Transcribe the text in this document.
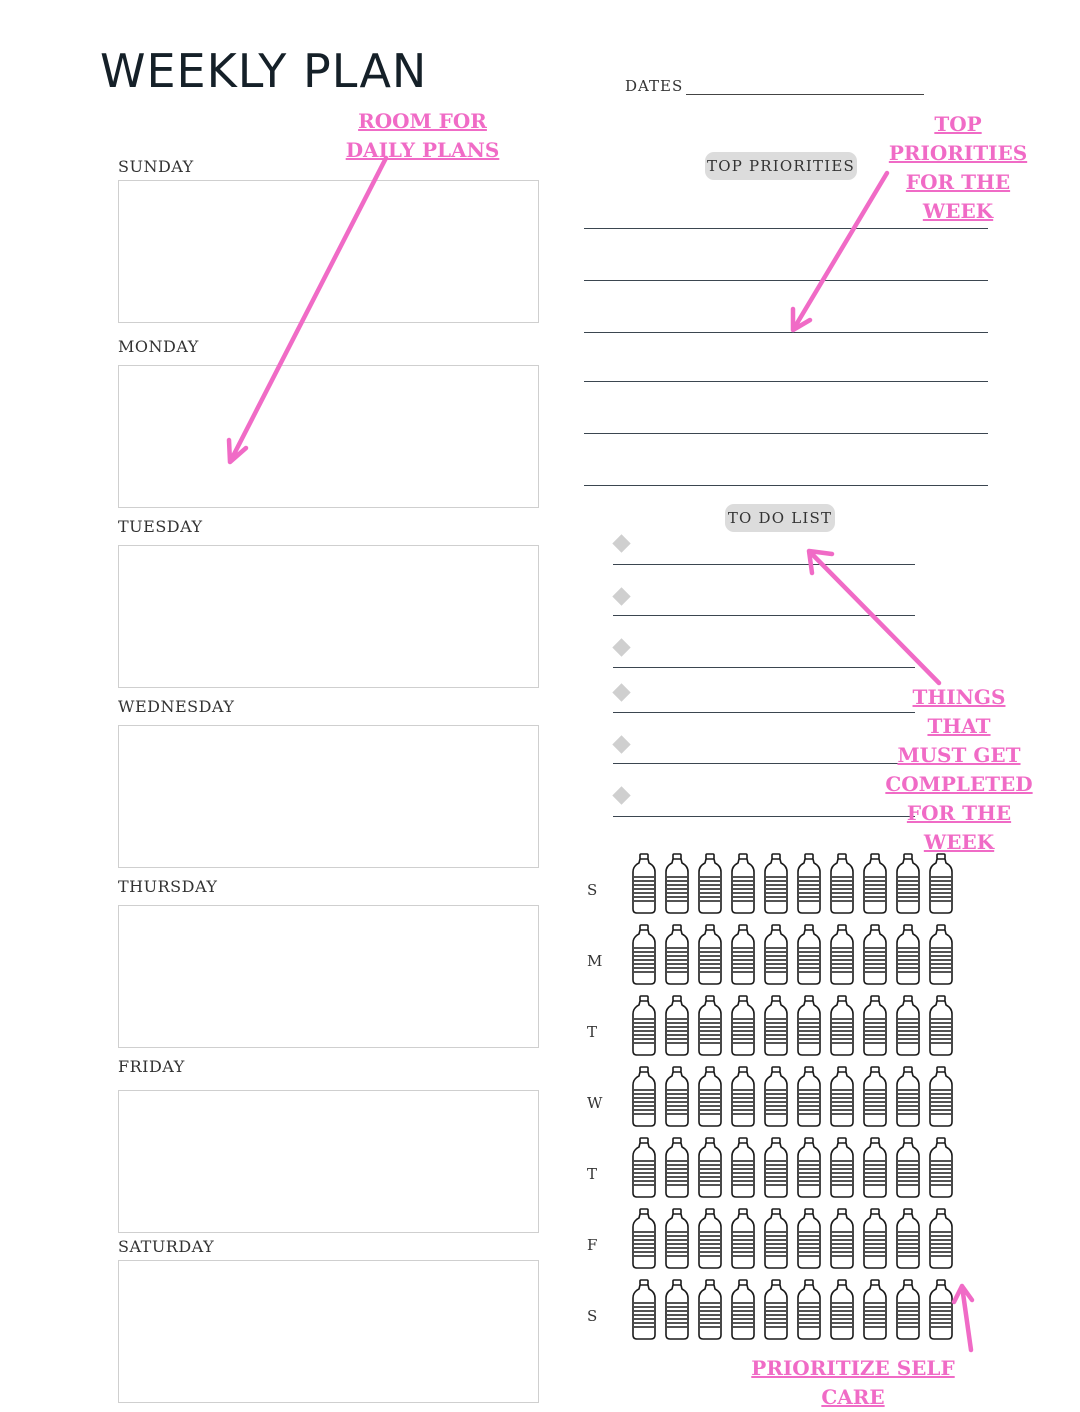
WEEKLY PLAN	DATES
SUNDAY
MONDAY
TUESDAY
WEDNESDAY
THURSDAY
FRIDAY
SATURDAY
TOP PRIORITIES
TO DO LIST
S
M
T
W
T
F
S
ROOM FOR
DAILY PLANS
TOP
PRIORITIES
FOR THE
WEEK
THINGS THAT
MUST GET
COMPLETED
FOR THE
WEEK
PRIORITIZE SELF CARE
